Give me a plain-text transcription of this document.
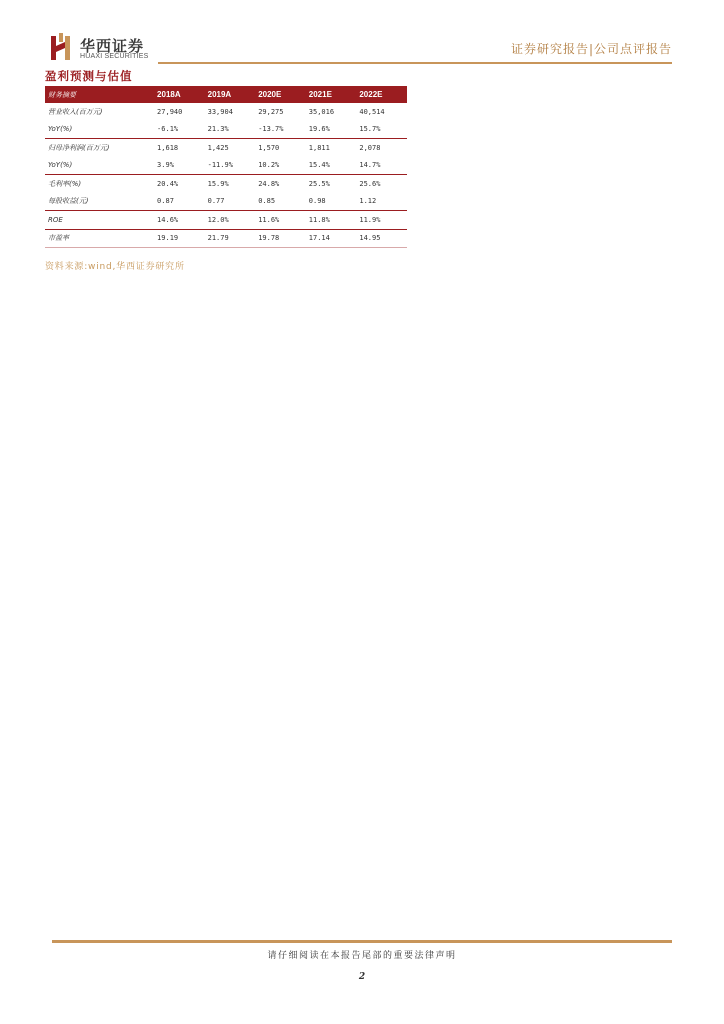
华西证券
HUAXI SECURITIES
证券研究报告|公司点评报告
盈利预测与估值
财务摘要	2018A	2019A	2020E	2021E	2022E
营业收入(百万元)	27,940	33,904	29,275	35,016	40,514
YoY(%)	-6.1%	21.3%	-13.7%	19.6%	15.7%
归母净利润(百万元)	1,618	1,425	1,570	1,811	2,078
YoY(%)	3.9%	-11.9%	10.2%	15.4%	14.7%
毛利率(%)	20.4%	15.9%	24.8%	25.5%	25.6%
每股收益(元)	0.87	0.77	0.85	0.98	1.12
ROE	14.6%	12.0%	11.6%	11.8%	11.9%
市盈率	19.19	21.79	19.78	17.14	14.95
资料来源:wind,华西证券研究所
请仔细阅读在本报告尾部的重要法律声明
2
